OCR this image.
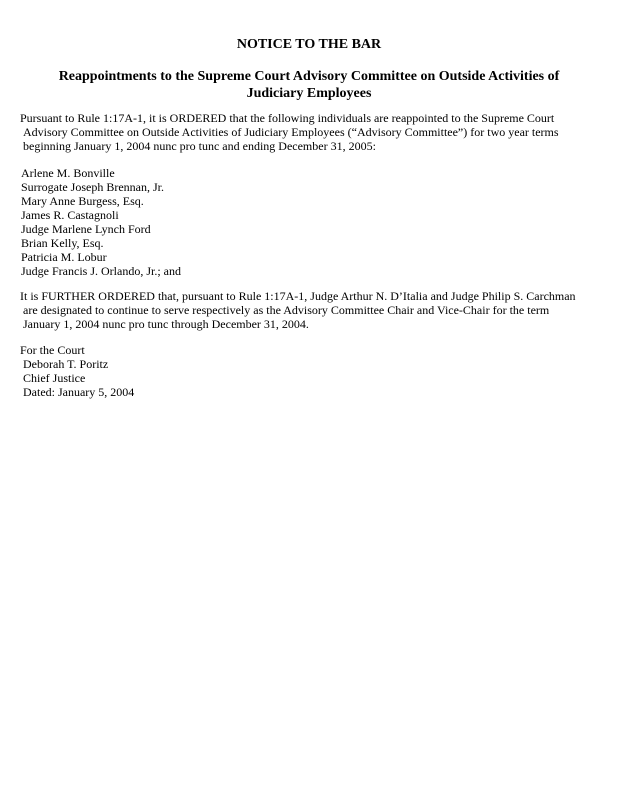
NOTICE TO THE BAR
Reappointments to the Supreme Court Advisory Committee on Outside Activities of
Judiciary Employees
Pursuant to Rule 1:17A-1, it is ORDERED that the following individuals are reappointed to the Supreme Court
Advisory Committee on Outside Activities of Judiciary Employees (“Advisory Committee”) for two year terms
beginning January 1, 2004 nunc pro tunc and ending December 31, 2005:
Arlene M. Bonville
Surrogate Joseph Brennan, Jr.
Mary Anne Burgess, Esq.
James R. Castagnoli
Judge Marlene Lynch Ford
Brian Kelly, Esq.
Patricia M. Lobur
Judge Francis J. Orlando, Jr.; and
It is FURTHER ORDERED that, pursuant to Rule 1:17A-1, Judge Arthur N. D’Italia and Judge Philip S. Carchman
are designated to continue to serve respectively as the Advisory Committee Chair and Vice-Chair for the term
January 1, 2004 nunc pro tunc through December 31, 2004.
For the Court
Deborah T. Poritz
Chief Justice
Dated: January 5, 2004
